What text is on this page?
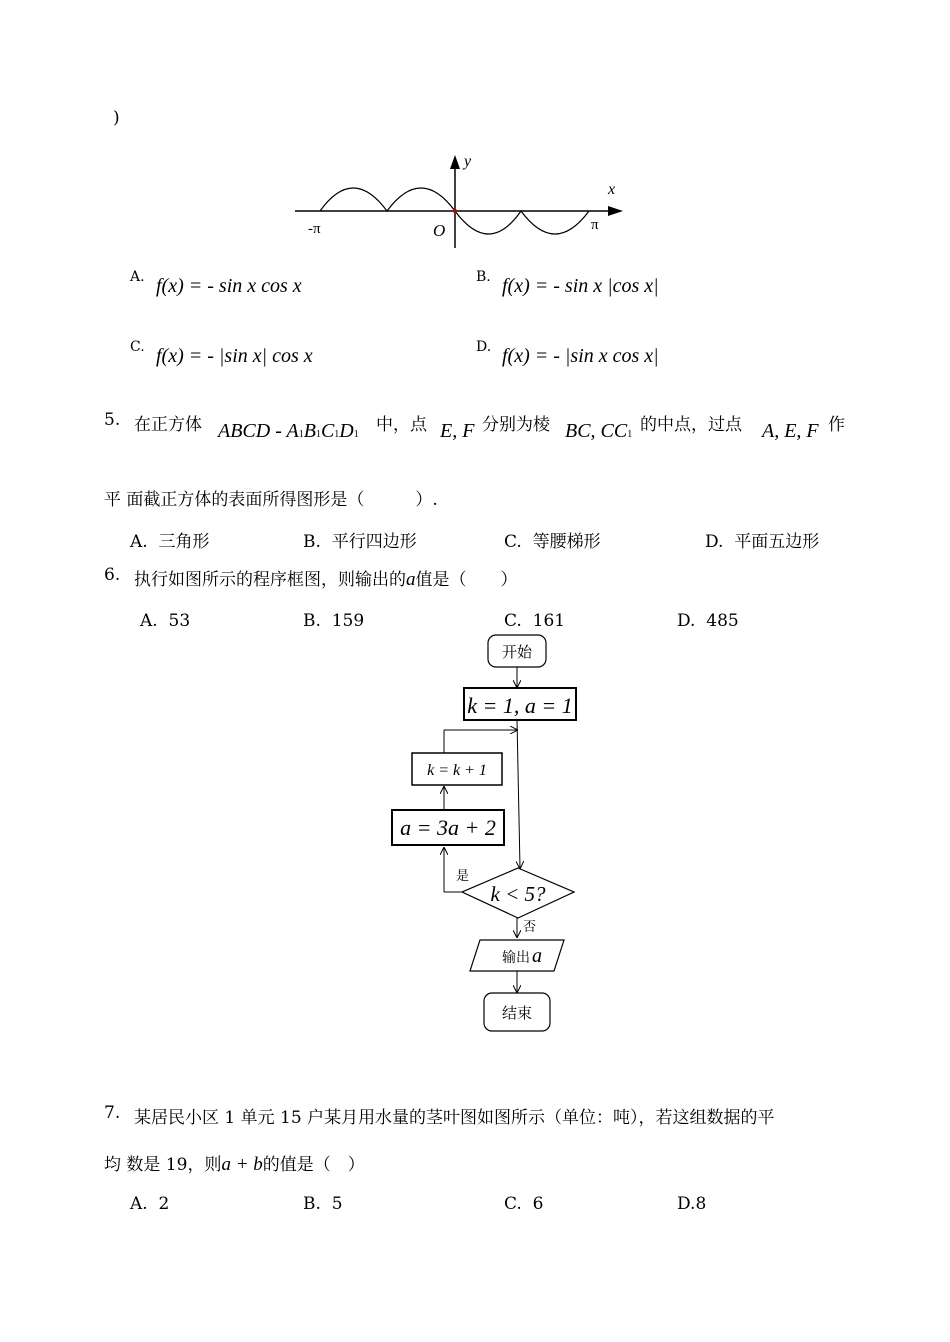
)
y
x
O
-π	π
A. f(x) = - sin x cos x	B. f(x) = - sin x |cos x|
C. f(x) = - |sin x| cos x	D. f(x) = - |sin x cos x|
5. 在正方体 ABCD - A1B1C1D1 中，点 E, F 分别为棱 BC, CC1 的中点，过点 A, E, F 作
平 面截正方体的表面所得图形是（　　　）.
A. 三角形	B. 平行四边形	C. 等腰梯形	D. 平面五边形
6. 执行如图所示的程序框图，则输出的a值是（　　）
A. 53	B. 159	C. 161	D. 485
开始
k = 1, a = 1
k = k + 1
a = 3a + 2
是
k < 5?
否
输出 a
结束
7. 某居民小区 1 单元 15 户某月用水量的茎叶图如图所示（单位：吨），若这组数据的平
均 数是 19，则a + b的值是（　）
A. 2	B. 5	C. 6	D.8
